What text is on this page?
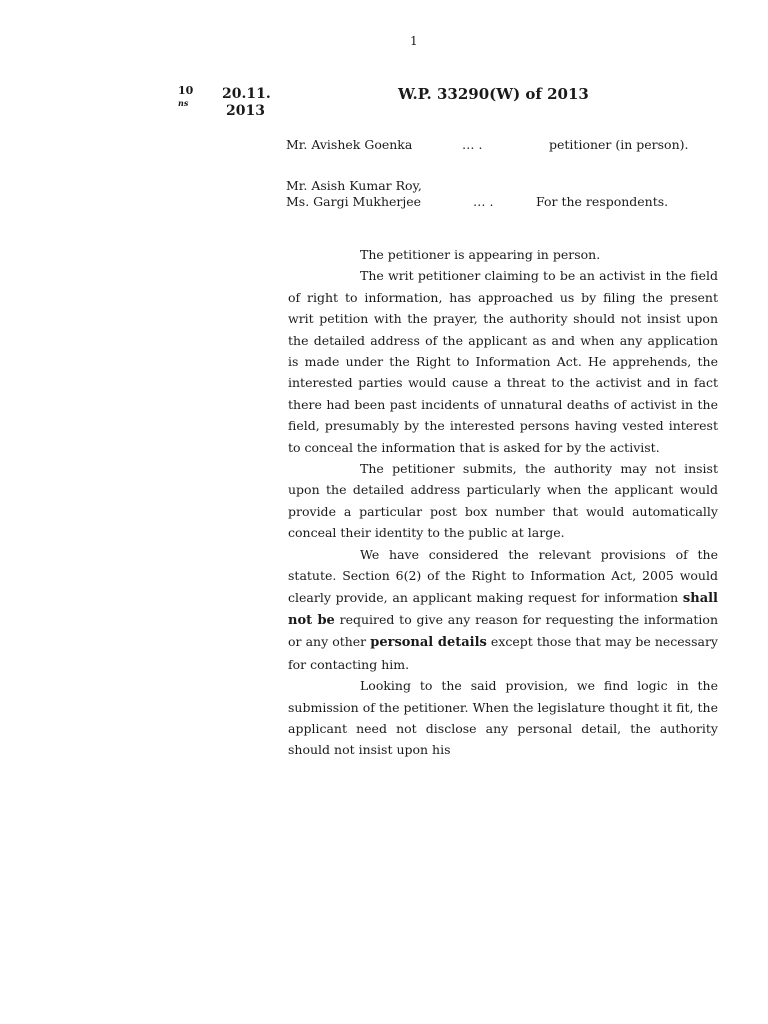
1
10
ns
20.11.
2013
W.P. 33290(W) of 2013
Mr. Avishek Goenka	… .	petitioner (in person).
Mr. Asish Kumar Roy,
Ms. Gargi Mukherjee	… .	For the respondents.

The petitioner is appearing in person.

The writ petitioner claiming to be an activist in the field of right to information, has approached us by filing the present writ petition with the prayer, the authority should not insist upon the detailed address of the applicant as and when any application is made under the Right to Information Act. He apprehends, the interested parties would cause a threat to the activist and in fact there had been past incidents of unnatural deaths of activist in the field, presumably by the interested persons having vested interest to conceal the information that is asked for by the activist.

The petitioner submits, the authority may not insist upon the detailed address particularly when the applicant would provide a particular post box number that would automatically conceal their identity to the public at large.

We have considered the relevant provisions of the statute. Section 6(2) of the Right to Information Act, 2005 would clearly provide, an applicant making request for information shall not be required to give any reason for requesting the information or any other personal details except those that may be necessary for contacting him.

Looking to the said provision, we find logic in the submission of the petitioner. When the legislature thought it fit, the applicant need not disclose any personal detail, the authority should not insist upon his
